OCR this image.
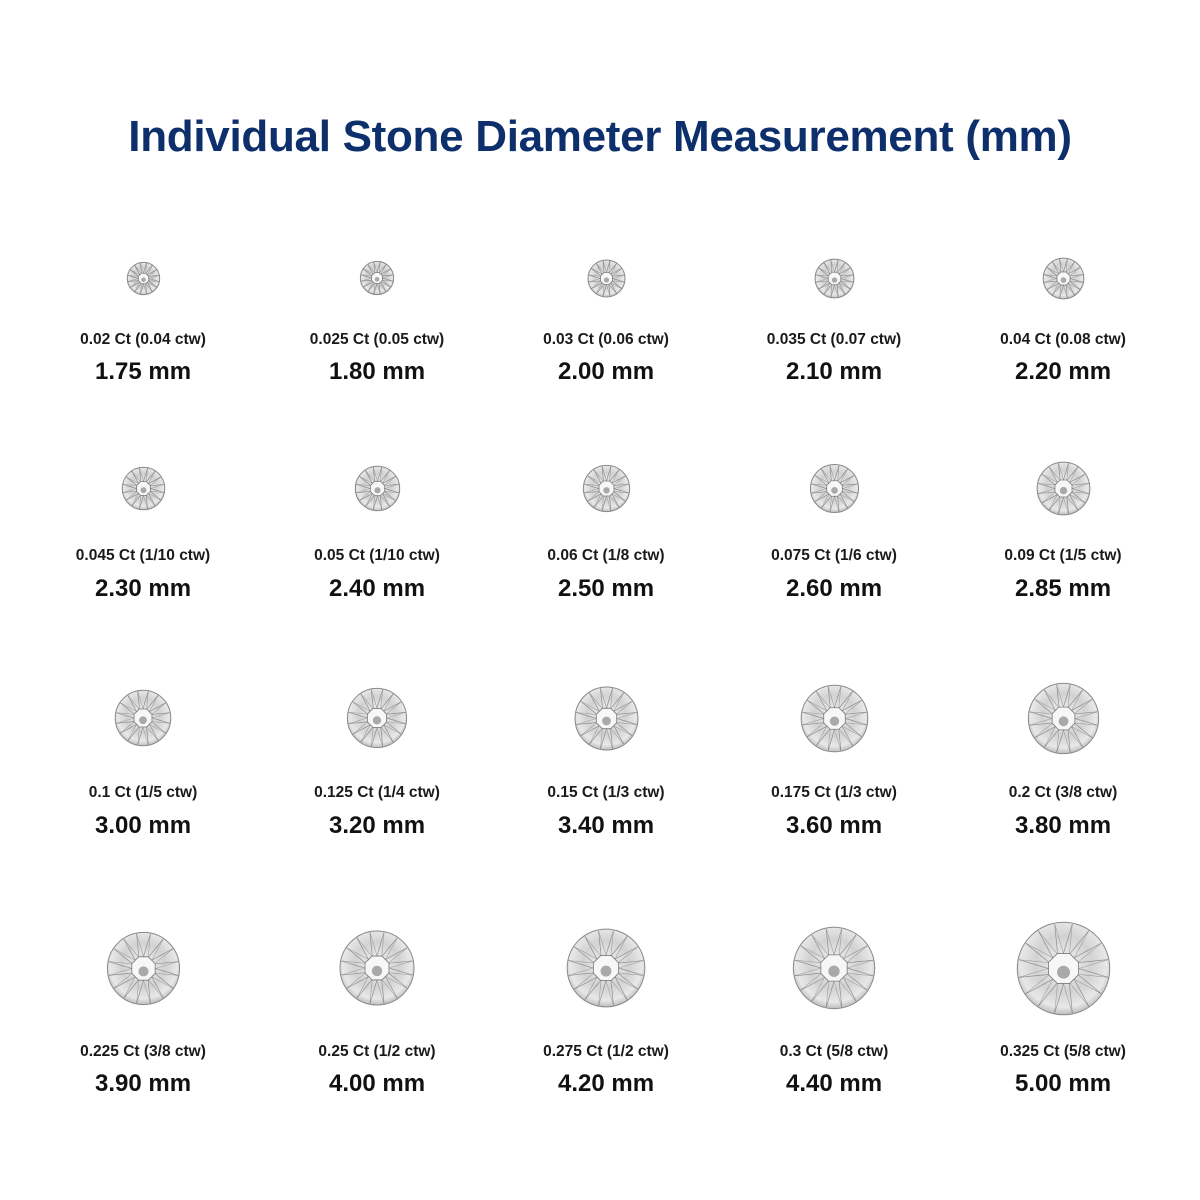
Individual Stone Diameter Measurement (mm)
0.02 Ct (0.04 ctw)
1.75 mm
0.025 Ct (0.05 ctw)
1.80 mm
0.03 Ct (0.06 ctw)
2.00 mm
0.035 Ct (0.07 ctw)
2.10 mm
0.04 Ct (0.08 ctw)
2.20 mm
0.045 Ct (1/10 ctw)
2.30 mm
0.05 Ct (1/10 ctw)
2.40 mm
0.06 Ct (1/8 ctw)
2.50 mm
0.075 Ct (1/6 ctw)
2.60 mm
0.09 Ct (1/5 ctw)
2.85 mm
0.1 Ct (1/5 ctw)
3.00 mm
0.125 Ct (1/4 ctw)
3.20 mm
0.15 Ct (1/3 ctw)
3.40 mm
0.175 Ct (1/3 ctw)
3.60 mm
0.2 Ct (3/8 ctw)
3.80 mm
0.225 Ct (3/8 ctw)
3.90 mm
0.25 Ct (1/2 ctw)
4.00 mm
0.275 Ct (1/2 ctw)
4.20 mm
0.3 Ct (5/8 ctw)
4.40 mm
0.325 Ct (5/8 ctw)
5.00 mm
